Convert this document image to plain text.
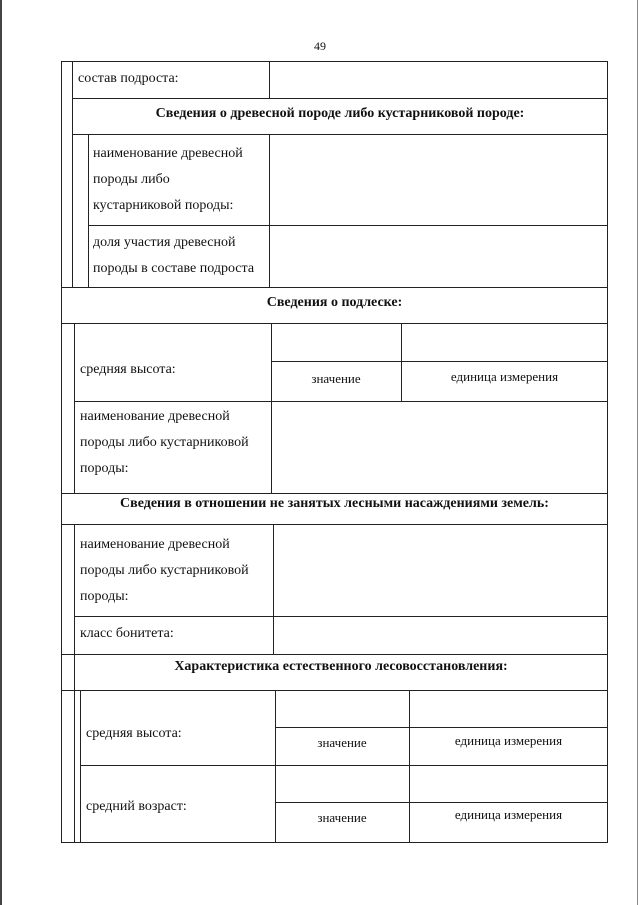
49
состав подроста:
Сведения о древесной породе либо кустарниковой породе:
наименование древесной
породы либо
кустарниковой породы:
доля участия древесной
породы в составе подроста
Сведения о подлеске:
средняя высота:
значение	единица измерения
наименование древесной
породы либо кустарниковой
породы:
Сведения в отношении не занятых лесными насаждениями земель:
наименование древесной
породы либо кустарниковой
породы:
класс бонитета:
Характеристика естественного лесовосстановления:
средняя высота:
значение	единица измерения
средний возраст:
значение	единица измерения
